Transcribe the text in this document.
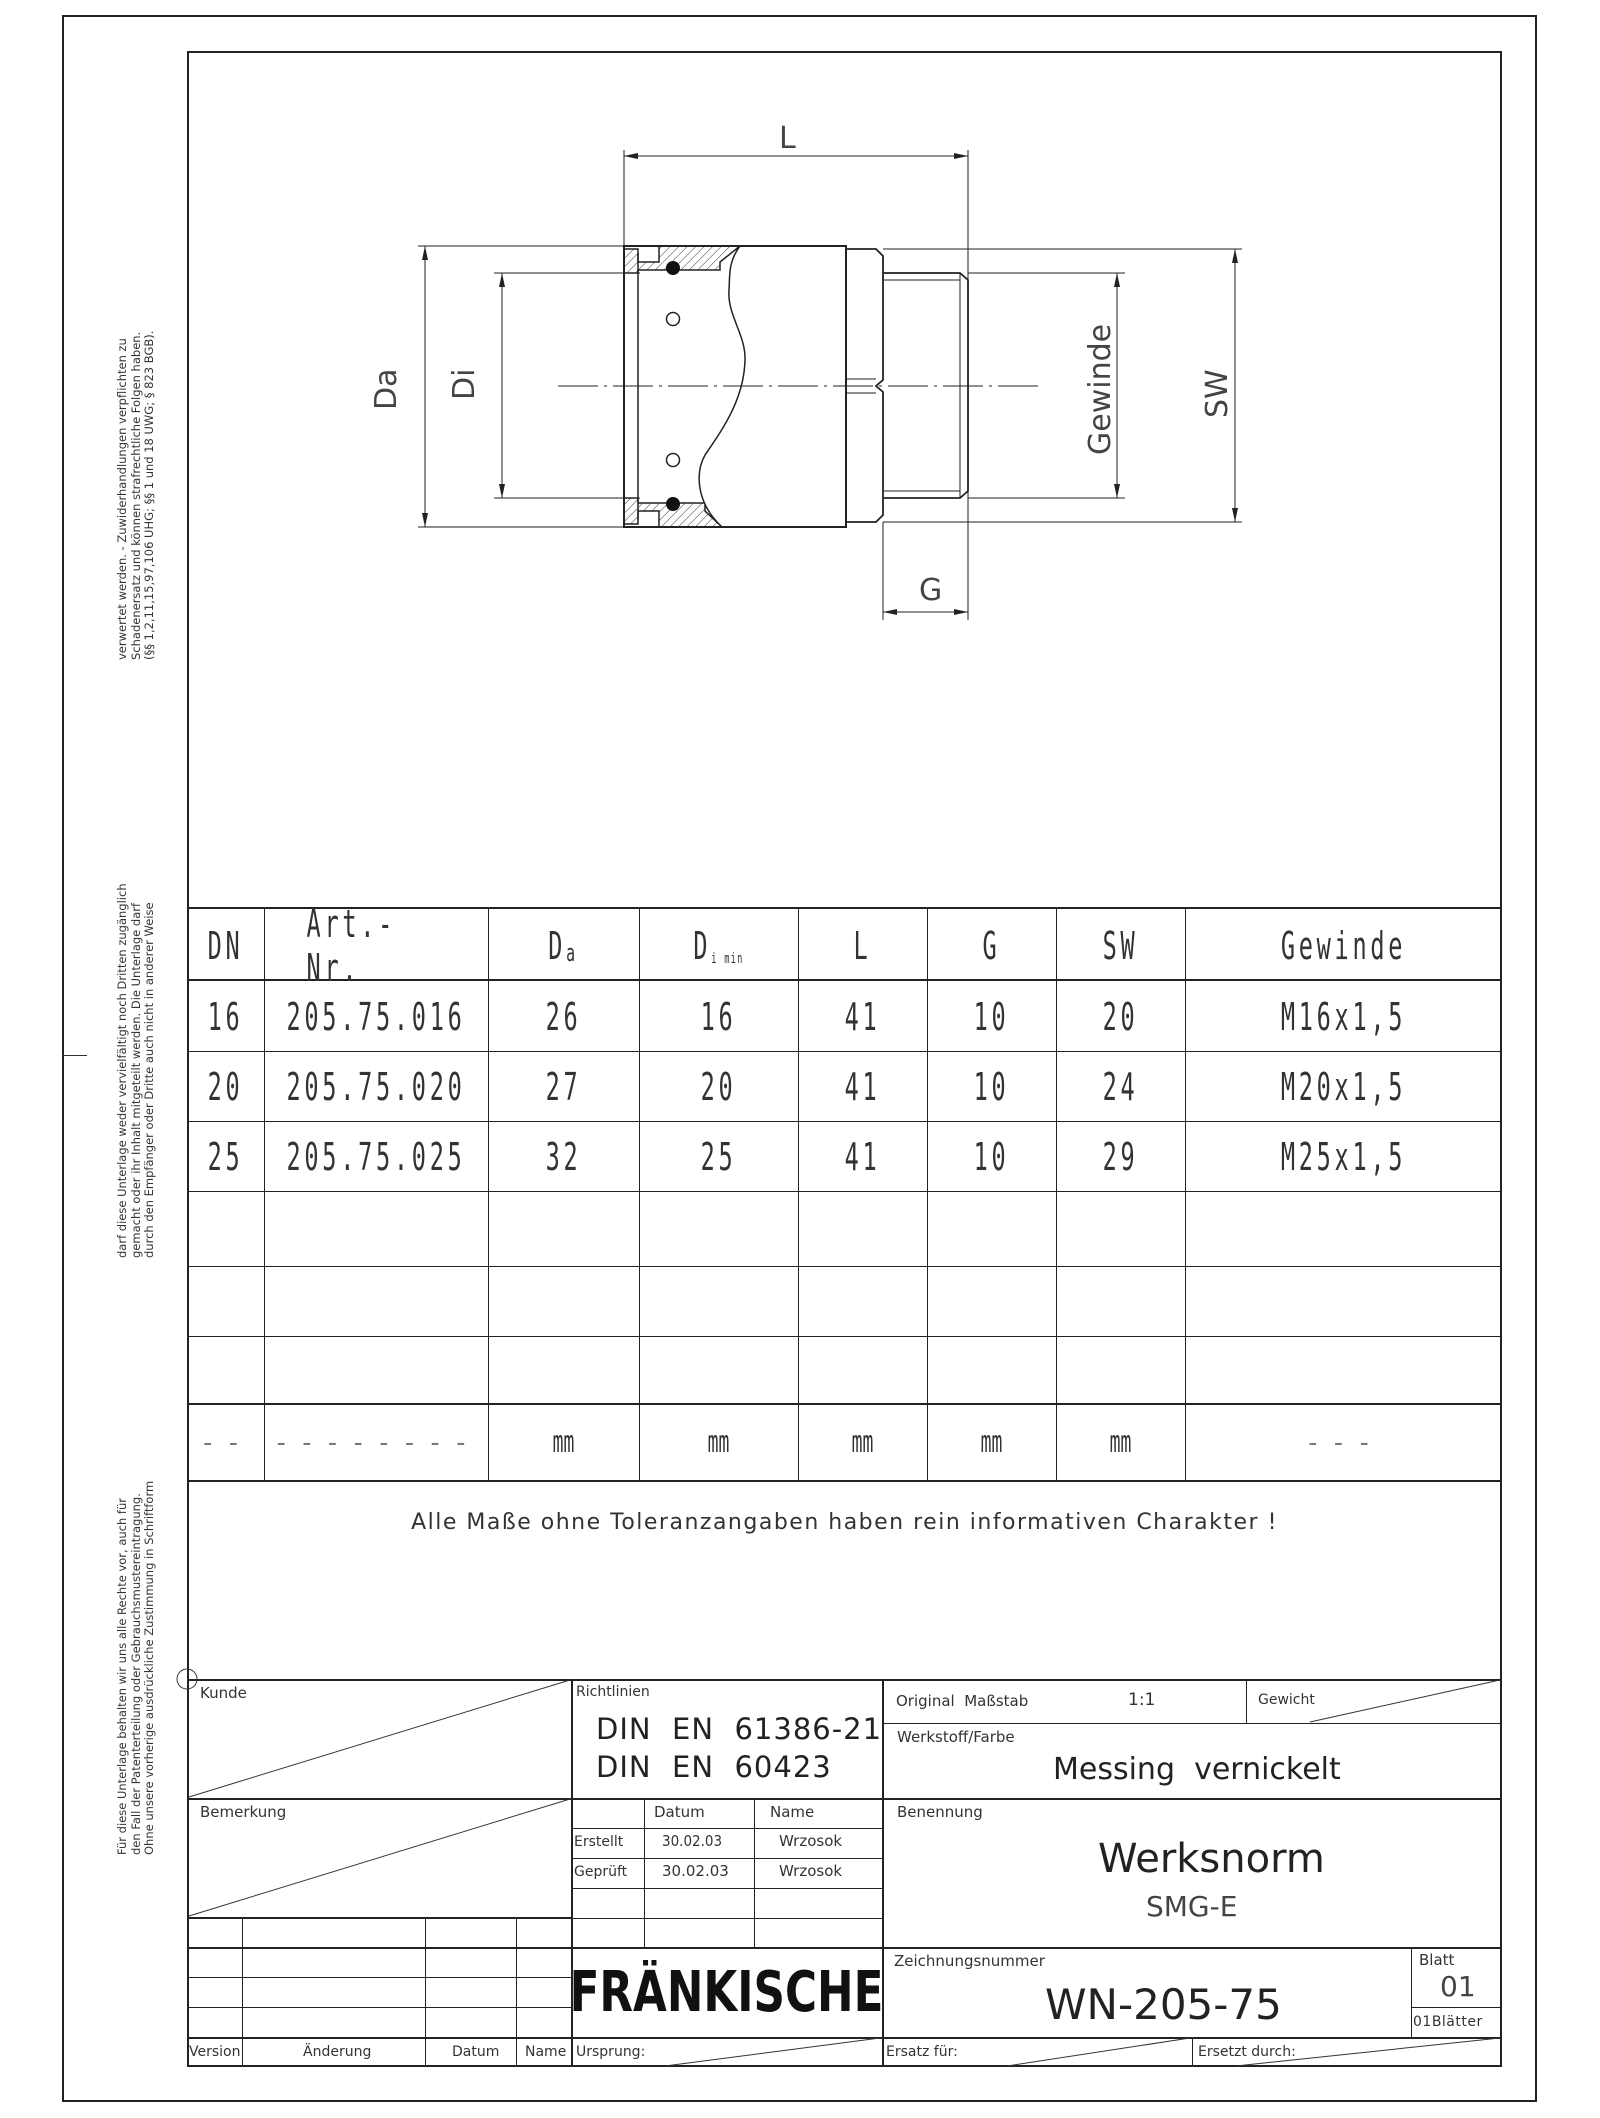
verwertet werden. - Zuwiderhandlungen verpflichten zu Schadenersatz und können strafrechtliche Folgen haben. (§§ 1,2,11,15,97,106 UHG; §§ 1 und 18 UWG; § 823 BGB).
darf diese Unterlage weder vervielfältigt noch Dritten zugänglich gemacht oder ihr Inhalt mitgeteilt werden. Die Unterlage darf durch den Empfänger oder Dritte auch nicht in anderer Weise
Für diese Unterlage behalten wir uns alle Rechte vor, auch für den Fall der Patenterteilung oder Gebrauchsmustereintragung. Ohne unsere vorherige ausdrückliche Zustimmung in Schriftform
L
G
Da Di	Gewinde	SW
DN Art.-Nr.	D a	D i min	L	G	SW	Gewinde
16 205.75.016	26	16	41	10	20	M16x1,5
20 205.75.020	27	20	41	10	24	M20x1,5
25 205.75.025	32	25	41	10	29	M25x1,5
-- --------	mm	mm	mm	mm	mm	---
Alle Maße ohne Toleranzangaben haben rein informativen Charakter !
Kunde
Bemerkung
Richtlinien
DIN  EN  61386-21
DIN  EN  60423
Datum	Name
Erstellt	30.02.03	Wrzosok
Geprüft 30.02.03	Wrzosok
FRÄNKISCHE
Original  Maßstab	1:1	Gewicht
Werkstoff/Farbe
Messing  vernickelt
Benennung
Werksnorm
SMG-E
Zeichnungsnummer
WN-205-75
Blatt
01
01Blätter
Version	Änderung	Datum Name Ursprung:	Ersatz für:	Ersetzt durch:
